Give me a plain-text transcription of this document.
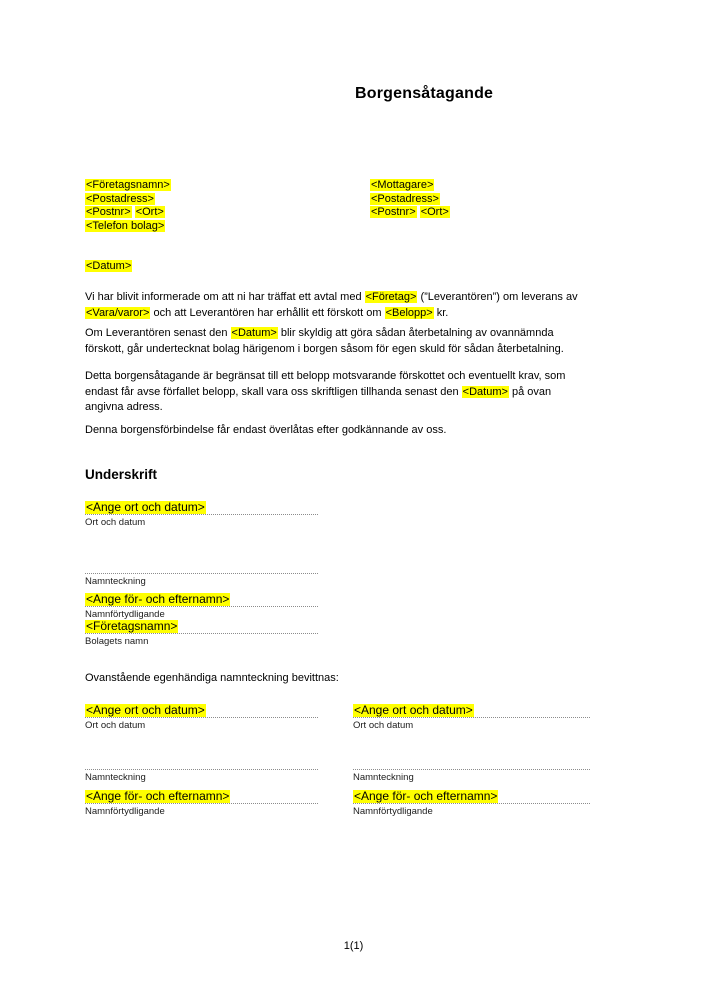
Borgensåtagande
<Företagsnamn>
<Postadress>
<Postnr> <Ort>
<Telefon bolag>
<Mottagare>
<Postadress>
<Postnr> <Ort>
<Datum>
Vi har blivit informerade om att ni har träffat ett avtal med <Företag> (”Leverantören”) om leverans av
<Vara/varor> och att Leverantören har erhållit ett förskott om <Belopp> kr.
Om Leverantören senast den <Datum> blir skyldig att göra sådan återbetalning av ovannämnda
förskott, går undertecknat bolag härigenom i borgen såsom för egen skuld för sådan återbetalning.
Detta borgensåtagande är begränsat till ett belopp motsvarande förskottet och eventuellt krav, som
endast får avse förfallet belopp, skall vara oss skriftligen tillhanda senast den <Datum> på ovan
angivna adress.
Denna borgensförbindelse får endast överlåtas efter godkännande av oss.
Underskrift
<Ange ort och datum>
Ort och datum
Namnteckning
<Ange för- och efternamn>
Namnförtydligande
<Företagsnamn>
Bolagets namn
Ovanstående egenhändiga namnteckning bevittnas:
<Ange ort och datum>
Ort och datum
Namnteckning
<Ange för- och efternamn>
Namnförtydligande
<Ange ort och datum>
Ort och datum
Namnteckning
<Ange för- och efternamn>
Namnförtydligande
1(1)
